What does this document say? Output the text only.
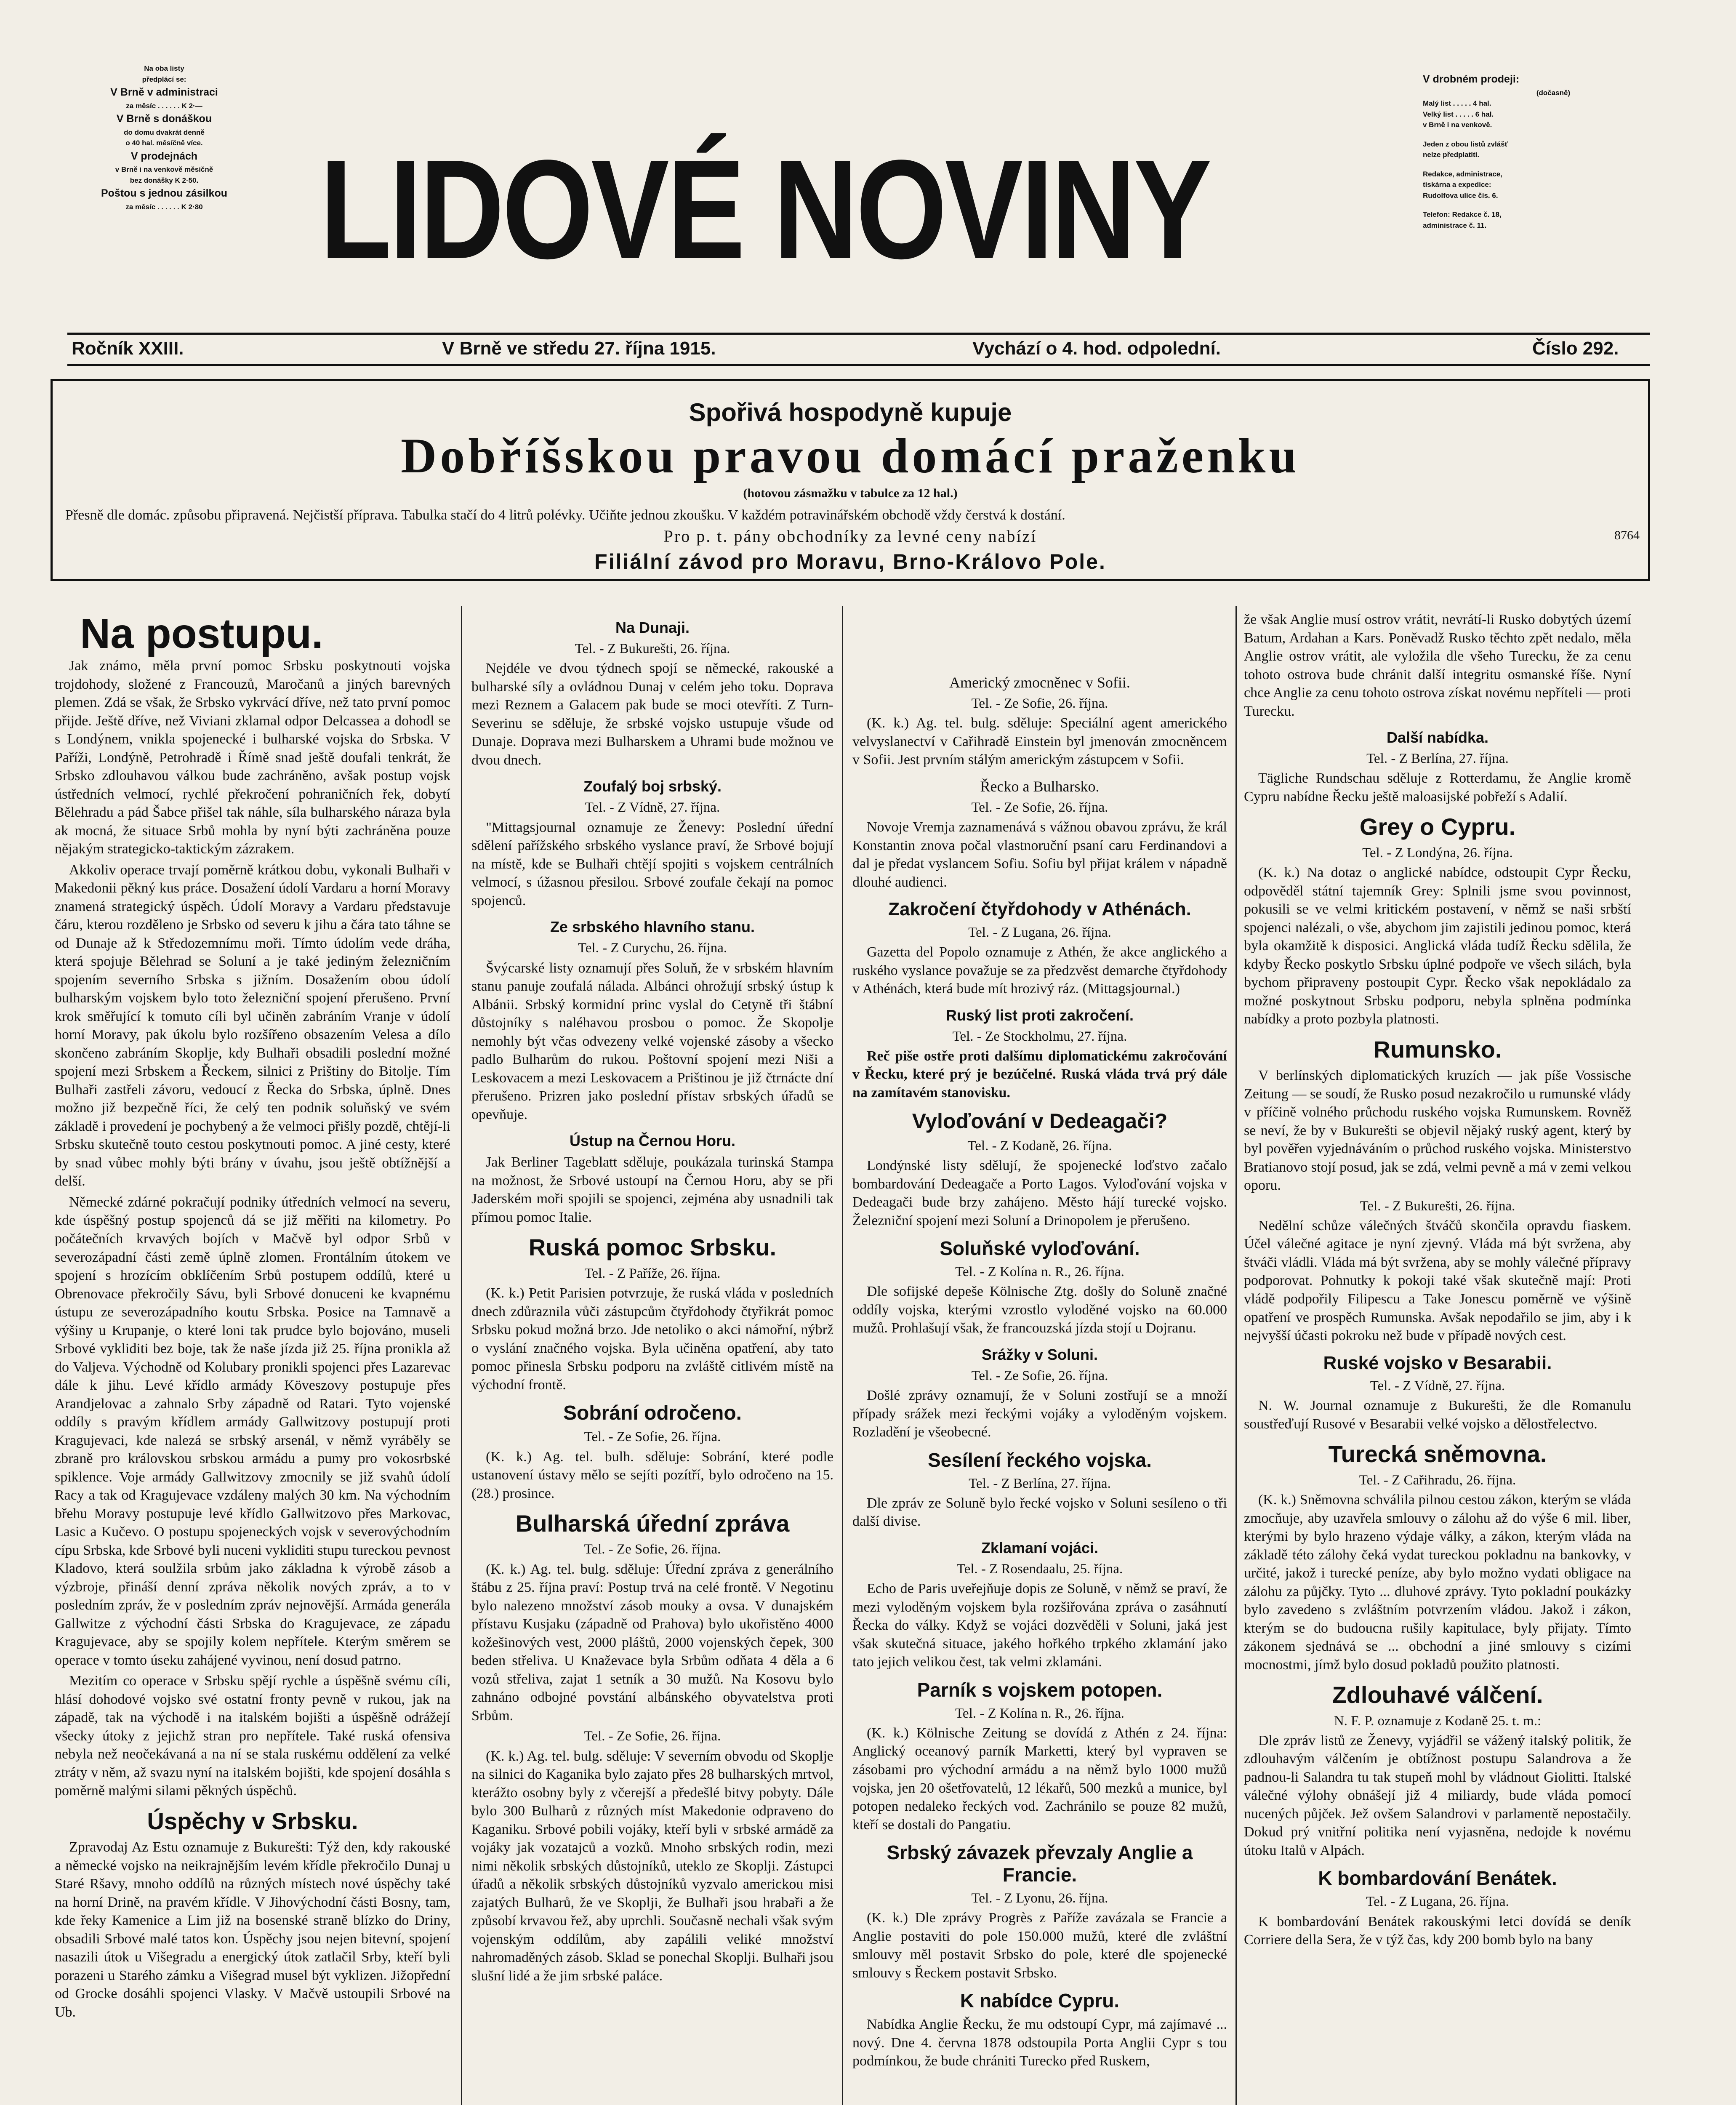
Na oba listy
předplácí se:
V Brně v administraci
za měsíc . . . . . . K 2·—
V Brně s donáškou
do domu dvakrát denně
o 40 hal. měsíčně více.
V prodejnách
v Brně i na venkově měsíčně
bez donášky K 2·50.
Poštou s jednou zásilkou
za měsíc . . . . . . K 2·80 LIDOVÉ NOVINY
V drobném prodeji:
(dočasně)
Malý list . . . . . 4 hal.
Velký list . . . . . 6 hal.
v Brně i na venkově.
Jeden z obou listů zvlášť
nelze předplatiti.
Redakce, administrace,
tiskárna a expedice:
Rudolfova ulice čís. 6.
Telefon: Redakce č. 18,
administrace č. 11.
Ročník XXIII.	V Brně ve středu 27. října 1915.	Vychází o 4. hod. odpolední.	Číslo 292.
Spořivá hospodyně kupuje
Dobříšskou pravou domácí praženku
(hotovou zásmažku v tabulce za 12 hal.)
Přesně dle domác. způsobu připravená. Nejčistší příprava. Tabulka stačí do 4 litrů polévky. Učiňte jednou zkoušku. V každém potravinářském obchodě vždy čerstvá k dostání.
Pro p. t. pány obchodníky za levné ceny nabízí	8764
Filiální závod pro Moravu, Brno-Královo Pole.
Na postupu.

Jak známo, měla první pomoc Srbsku poskytnouti vojska trojdohody, složené z Francouzů, Maročanů a jiných barevných plemen. Zdá se však, že Srbsko vykrvácí dříve, než tato první pomoc přijde. Ještě dříve, než Viviani zklamal odpor Delcassea a dohodl se s Londýnem, vnikla spojenecké i bulharské vojska do Srbska. V Paříži, Londýně, Petrohradě i Římě snad ještě doufali tenkrát, že Srbsko zdlouhavou válkou bude zachráněno, avšak postup vojsk ústředních velmocí, rychlé překročení pohraničních řek, dobytí Bělehradu a pád Šabce přišel tak náhle, síla bulharského náraza byla ak mocná, že situace Srbů mohla by nyní býti zachráněna pouze nějakým strategicko-taktickým zázrakem.

Akkoliv operace trvají poměrně krátkou dobu, vykonali Bulhaři v Makedonii pěkný kus práce. Dosažení údolí Vardaru a horní Moravy znamená strategický úspěch. Údolí Moravy a Vardaru představuje čáru, kterou rozděleno je Srbsko od severu k jihu a čára tato táhne se od Dunaje až k Středozemnímu moři. Tímto údolím vede dráha, která spojuje Bělehrad se Soluní a je také jediným železničním spojením severního Srbska s jižním. Dosažením obou údolí bulharským vojskem bylo toto železniční spojení přerušeno. První krok směřující k tomuto cíli byl učiněn zabráním Vranje v údolí horní Moravy, pak úkolu bylo rozšířeno obsazením Velesa a dílo skončeno zabráním Skoplje, kdy Bulhaři obsadili poslední možné spojení mezi Srbskem a Řeckem, silnici z Prištiny do Bitolje. Tím Bulhaři zastřeli závoru, vedoucí z Řecka do Srbska, úplně. Dnes možno již bezpečně říci, že celý ten podnik soluňský ve svém základě i provedení je pochybený a že velmoci přišly pozdě, chtějí-li Srbsku skutečně touto cestou poskytnouti pomoc. A jiné cesty, které by snad vůbec mohly býti brány v úvahu, jsou ještě obtížnější a delší.

Německé zdárné pokračují podniky útředních velmocí na severu, kde úspěšný postup spojenců dá se již měřiti na kilometry. Po počátečních krvavých bojích v Mačvě byl odpor Srbů v severozápadní části země úplně zlomen. Frontálním útokem ve spojení s hrozícím obklíčením Srbů postupem oddílů, které u Obrenovace překročily Sávu, byli Srbové donuceni ke kvapnému ústupu ze severozápadního koutu Srbska. Posice na Tamnavě a výšiny u Krupanje, o které loni tak prudce bylo bojováno, museli Srbové vykliditi bez boje, tak že naše jízda již 25. října pronikla až do Valjeva. Východně od Kolubary pronikli spojenci přes Lazarevac dále k jihu. Levé křídlo armády Köveszovy postupuje přes Arandjelovac a zahnalo Srby západně od Ratari. Tyto vojenské oddíly s pravým křídlem armády Gallwitzovy postupují proti Kragujevaci, kde nalezá se srbský arsenál, v němž vyráběly se zbraně pro královskou srbskou armádu a pumy pro vokosrbské spiklence. Voje armády Gallwitzovy zmocnily se již svahů údolí Racy a tak od Kragujevace vzdáleny malých 30 km. Na východním břehu Moravy postupuje levé křídlo Gallwitzovo přes Markovac, Lasic a Kučevo. O postupu spojeneckých vojsk v severovýchodním cípu Srbska, kde Srbové byli nuceni vykliditi stupu tureckou pevnost Kladovo, která soulžila srbům jako základna k výrobě zásob a výzbroje, přináší denní zpráva několik nových zpráv, a to v posledním zpráv, že v posledním zpráv nejnovější. Armáda generála Gallwitze z východní části Srbska do Kragujevace, ze západu Kragujevace, aby se spojily kolem nepřítele. Kterým směrem se operace v tomto úseku zahájené vyvinou, není dosud patrno.

Mezitím co operace v Srbsku spějí rychle a úspěšně svému cíli, hlásí dohodové vojsko své ostatní fronty pevně v rukou, jak na západě, tak na východě i na italském bojišti a úspěšně odrážejí všecky útoky z jejichž stran pro nepřítele. Také ruská ofensiva nebyla než neočekávaná a na ní se stala ruskému oddělení za velké ztráty v něm, až svazu nyní na italském bojišti, kde spojení dosáhla s poměrně malými silami pěkných úspěchů.

Úspěchy v Srbsku.

Zpravodaj Az Estu oznamuje z Bukurešti: Týž den, kdy rakouské a německé vojsko na neikrajnějším levém křídle překročilo Dunaj u Staré Ršavy, mnoho oddílů na různých místech nové úspěchy také na horní Drině, na pravém křídle. V Jihovýchodní části Bosny, tam, kde řeky Kamenice a Lim již na bosenské straně blízko do Driny, obsadili Srbové malé tatos kon. Úspěchy jsou nejen bitevní, spojení nasazili útok u Višegradu a energický útok zatlačil Srby, kteří byli porazeni u Starého zámku a Višegrad musel být vyklizen. Jižopřední od Grocke dosáhli spojenci Vlasky. V Mačvě ustoupili Srbové na Ub.

Na Dunaji.
Tel. - Z Bukurešti, 26. října.

Nejdéle ve dvou týdnech spojí se německé, rakouské a bulharské síly a ovládnou Dunaj v celém jeho toku. Doprava mezi Reznem a Galacem pak bude se moci otevříti. Z Turn-Severinu se sděluje, že srbské vojsko ustupuje všude od Dunaje. Doprava mezi Bulharskem a Uhrami bude možnou ve dvou dnech.

Zoufalý boj srbský.
Tel. - Z Vídně, 27. října.

"Mittagsjournal oznamuje ze Ženevy: Poslední úřední sdělení pařížského srbského vyslance praví, že Srbové bojují na místě, kde se Bulhaři chtějí spojiti s vojskem centrálních velmocí, s úžasnou přesilou. Srbové zoufale čekají na pomoc spojenců.

Ze srbského hlavního stanu.
Tel. - Z Curychu, 26. října.

Švýcarské listy oznamují přes Soluň, že v srbském hlavním stanu panuje zoufalá nálada. Albánci ohrožují srbský ústup k Albánii. Srbský kormidní princ vyslal do Cetyně tři štábní důstojníky s naléhavou prosbou o pomoc. Že Skopolje nemohly být včas odvezeny velké vojenské zásoby a všecko padlo Bulharům do rukou. Poštovní spojení mezi Niši a Leskovacem a mezi Leskovacem a Prištinou je již čtrnácte dní přerušeno. Prizren jako poslední přístav srbských úřadů se opevňuje.

Ústup na Černou Horu.

Jak Berliner Tageblatt sděluje, poukázala turinská Stampa na možnost, že Srbové ustoupí na Černou Horu, aby se při Jaderském moři spojili se spojenci, zejména aby usnadnili tak přímou pomoc Italie.

Ruská pomoc Srbsku.
Tel. - Z Paříže, 26. října.

(K. k.) Petit Parisien potvrzuje, že ruská vláda v posledních dnech zdůraznila vůči zástupcům čtyřdohody čtyřikrát pomoc Srbsku pokud možná brzo. Jde netoliko o akci námořní, nýbrž o vyslání značného vojska. Byla učiněna opatření, aby tato pomoc přinesla Srbsku podporu na zvláště citlivém místě na východní frontě.

Sobrání odročeno.
Tel. - Ze Sofie, 26. října.

(K. k.) Ag. tel. bulh. sděluje: Sobrání, které podle ustanovení ústavy mělo se sejíti pozítří, bylo odročeno na 15. (28.) prosince.

Bulharská úřední zpráva
Tel. - Ze Sofie, 26. října.

(K. k.) Ag. tel. bulg. sděluje: Úřední zpráva z generálního štábu z 25. října praví: Postup trvá na celé frontě. V Negotinu bylo nalezeno množství zásob mouky a ovsa. V dunajském přístavu Kusjaku (západně od Prahova) bylo ukořistěno 4000 kožešinových vest, 2000 pláštů, 2000 vojenských čepek, 300 beden střeliva. U Knaževace byla Srbům odňata 4 děla a 6 vozů střeliva, zajat 1 setník a 30 mužů. Na Kosovu bylo zahnáno odbojné povstání albánského obyvatelstva proti Srbům.

Tel. - Ze Sofie, 26. října.

(K. k.) Ag. tel. bulg. sděluje: V severním obvodu od Skoplje na silnici do Kaganika bylo zajato přes 28 bulharských mrtvol, kterážto osobny byly z včerejší a předešlé bitvy pobyty. Dále bylo 300 Bulharů z různých míst Makedonie odpraveno do Kaganiku. Srbové pobili vojáky, kteří byli v srbské armádě za vojáky jak vozatajců a vozků. Mnoho srbských rodin, mezi nimi několik srbských důstojníků, uteklo ze Skoplji. Zástupci úřadů a několik srbských důstojníků vyzvalo americkou misi zajatých Bulharů, že ve Skoplji, že Bulhaři jsou hrabaři a že způsobí krvavou řež, aby uprchli. Současně nechali však svým vojenským oddílům, aby zapálili veliké množství nahromaděných zásob. Sklad se ponechal Skoplji. Bulhaři jsou slušní lidé a že jim srbské paláce.

Americký zmocněnec v Sofii.
Tel. - Ze Sofie, 26. října.

(K. k.) Ag. tel. bulg. sděluje: Speciální agent amerického velvyslanectví v Cařihradě Einstein byl jmenován zmocněncem v Sofii. Jest prvním stálým americkým zástupcem v Sofii.

Řecko a Bulharsko.
Tel. - Ze Sofie, 26. října.

Novoje Vremja zaznamenává s vážnou obavou zprávu, že král Konstantin znova počal vlastnoruční psaní caru Ferdinandovi a dal je předat vyslancem Sofiu. Sofiu byl přijat králem v nápadně dlouhé audienci.

Zakročení čtyřdohody v Athénách.
Tel. - Z Lugana, 26. října.

Gazetta del Popolo oznamuje z Athén, že akce anglického a ruského vyslance považuje se za předzvěst demarche čtyřdohody v Athénách, která bude mít hrozivý ráz. (Mittagsjournal.)

Ruský list proti zakročení.
Tel. - Ze Stockholmu, 27. října.

Reč piše ostře proti dalšímu diplomatickému zakročování v Řecku, které prý je bezúčelné. Ruská vláda trvá prý dále na zamítavém stanovisku.

Vyloďování v Dedeagači?
Tel. - Z Kodaně, 26. října.

Londýnské listy sdělují, že spojenecké loďstvo začalo bombardování Dedeagače a Porto Lagos. Vyloďování vojska v Dedeagači bude brzy zahájeno. Město hájí turecké vojsko. Železniční spojení mezi Soluní a Drinopolem je přerušeno.

Soluňské vyloďování.
Tel. - Z Kolína n. R., 26. října.

Dle sofijské depeše Kölnische Ztg. došly do Soluně značné oddíly vojska, kterými vzrostlo vyloděné vojsko na 60.000 mužů. Prohlašují však, že francouzská jízda stojí u Dojranu.

Srážky v Soluni.
Tel. - Ze Sofie, 26. října.

Došlé zprávy oznamují, že v Soluni zostřují se a množí případy srážek mezi řeckými vojáky a vyloděným vojskem. Rozladění je všeobecné.

Sesílení řeckého vojska.
Tel. - Z Berlína, 27. října.

Dle zpráv ze Soluně bylo řecké vojsko v Soluni sesíleno o tři další divise.

Zklamaní vojáci.
Tel. - Z Rosendaalu, 25. října.

Echo de Paris uveřejňuje dopis ze Soluně, v němž se praví, že mezi vyloděným vojskem byla rozšiřována zpráva o zasáhnutí Řecka do války. Když se vojáci dozvěděli v Soluni, jaká jest však skutečná situace, jakého hořkého trpkého zklamání jako tato jejich velikou čest, tak velmi zklamáni.

Parník s vojskem potopen.
Tel. - Z Kolína n. R., 26. října.

(K. k.) Kölnische Zeitung se dovídá z Athén z 24. října: Anglický oceanový parník Marketti, který byl vypraven se zásobami pro východní armádu a na němž bylo 1000 mužů vojska, jen 20 ošetřovatelů, 12 lékařů, 500 mezků a munice, byl potopen nedaleko řeckých vod. Zachránilo se pouze 82 mužů, kteří se dostali do Pangatiu.

Srbský závazek převzaly Anglie a Francie.
Tel. - Z Lyonu, 26. října.

(K. k.) Dle zprávy Progrès z Paříže zavázala se Francie a Anglie postaviti do pole 150.000 mužů, které dle zvláštní smlouvy měl postavit Srbsko do pole, které dle spojenecké smlouvy s Řeckem postavit Srbsko.

K nabídce Cypru.

Nabídka Anglie Řecku, že mu odstoupí Cypr, má zajímavé ... nový. Dne 4. června 1878 odstoupila Porta Anglii Cypr s tou podmínkou, že bude chrániti Turecko před Ruskem,

že však Anglie musí ostrov vrátit, nevrátí-li Rusko dobytých území Batum, Ardahan a Kars. Poněvadž Rusko těchto zpět nedalo, měla Anglie ostrov vrátit, ale vyložila dle všeho Turecku, že za cenu tohoto ostrova bude chránit další integritu osmanské říše. Nyní chce Anglie za cenu tohoto ostrova získat novému nepříteli — proti Turecku.

Další nabídka.
Tel. - Z Berlína, 27. října.

Tägliche Rundschau sděluje z Rotterdamu, že Anglie kromě Cypru nabídne Řecku ještě maloasijské pobřeží s Adalií.

Grey o Cypru.
Tel. - Z Londýna, 26. října.

(K. k.) Na dotaz o anglické nabídce, odstoupit Cypr Řecku, odpověděl státní tajemník Grey: Splnili jsme svou povinnost, pokusili se ve velmi kritickém postavení, v němž se naši srbští spojenci nalézali, o vše, abychom jim zajistili jedinou pomoc, která byla okamžitě k disposici. Anglická vláda tudíž Řecku sdělila, že kdyby Řecko poskytlo Srbsku úplné podpoře ve všech silách, byla bychom připraveny postoupit Cypr. Řecko však nepokládalo za možné poskytnout Srbsku podporu, nebyla splněna podmínka nabídky a proto pozbyla platnosti.

Rumunsko.

V berlínských diplomatických kruzích — jak píše Vossische Zeitung — se soudí, že Rusko posud nezakročilo u rumunské vlády v příčině volného průchodu ruského vojska Rumunskem. Rovněž se neví, že by v Bukurešti se objevil nějaký ruský agent, který by byl pověřen vyjednáváním o průchod ruského vojska. Ministerstvo Bratianovo stojí posud, jak se zdá, velmi pevně a má v zemi velkou oporu.

Tel. - Z Bukurešti, 26. října.

Nedělní schůze válečných štváčů skončila opravdu fiaskem. Účel válečné agitace je nyní zjevný. Vláda má být svržena, aby štváči vládli. Vláda má být svržena, aby se mohly válečné přípravy podporovat. Pohnutky k pokoji také však skutečně mají: Proti vládě podpořily Filipescu a Take Jonescu poměrně ve výšině opatření ve prospěch Rumunska. Avšak nepodařilo se jim, aby i k nejvyšší účasti pokroku než bude v případě nových cest.

Ruské vojsko v Besarabii.
Tel. - Z Vídně, 27. října.

N. W. Journal oznamuje z Bukurešti, že dle Romanulu soustřeďují Rusové v Besarabii velké vojsko a dělostřelectvo.

Turecká sněmovna.
Tel. - Z Cařihradu, 26. října.

(K. k.) Sněmovna schválila pilnou cestou zákon, kterým se vláda zmocňuje, aby uzavřela smlouvy o zálohu až do výše 6 mil. liber, kterými by bylo hrazeno výdaje války, a zákon, kterým vláda na základě této zálohy čeká vydat tureckou pokladnu na bankovky, v určité, jakož i turecké peníze, aby bylo možno vydati obligace na zálohu za půjčky. Tyto ... dluhové zprávy. Tyto pokladní poukázky bylo zavedeno s zvláštním potvrzením vládou. Jakož i zákon, kterým se do budoucna rušily kapitulace, byly přijaty. Tímto zákonem sjednává se ... obchodní a jiné smlouvy s cizími mocnostmi, jímž bylo dosud pokladů použito platnosti.

Zdlouhavé válčení.
N. F. P. oznamuje z Kodaně 25. t. m.:

Dle zpráv listů ze Ženevy, vyjádřil se vážený italský politik, že zdlouhavým válčením je obtížnost postupu Salandrova a že padnou-li Salandra tu tak stupeň mohl by vládnout Giolitti. Italské válečné výlohy obnášejí již 4 miliardy, bude vláda pomocí nucených půjček. Jež ovšem Salandrovi v parlamentě nepostačily. Dokud prý vnitřní politika není vyjasněna, nedojde k novému útoku Italů v Alpách.

K bombardování Benátek.
Tel. - Z Lugana, 26. října.

K bombardování Benátek rakouskými letci dovídá se deník Corriere della Sera, že v týž čas, kdy 200 bomb bylo na bany
